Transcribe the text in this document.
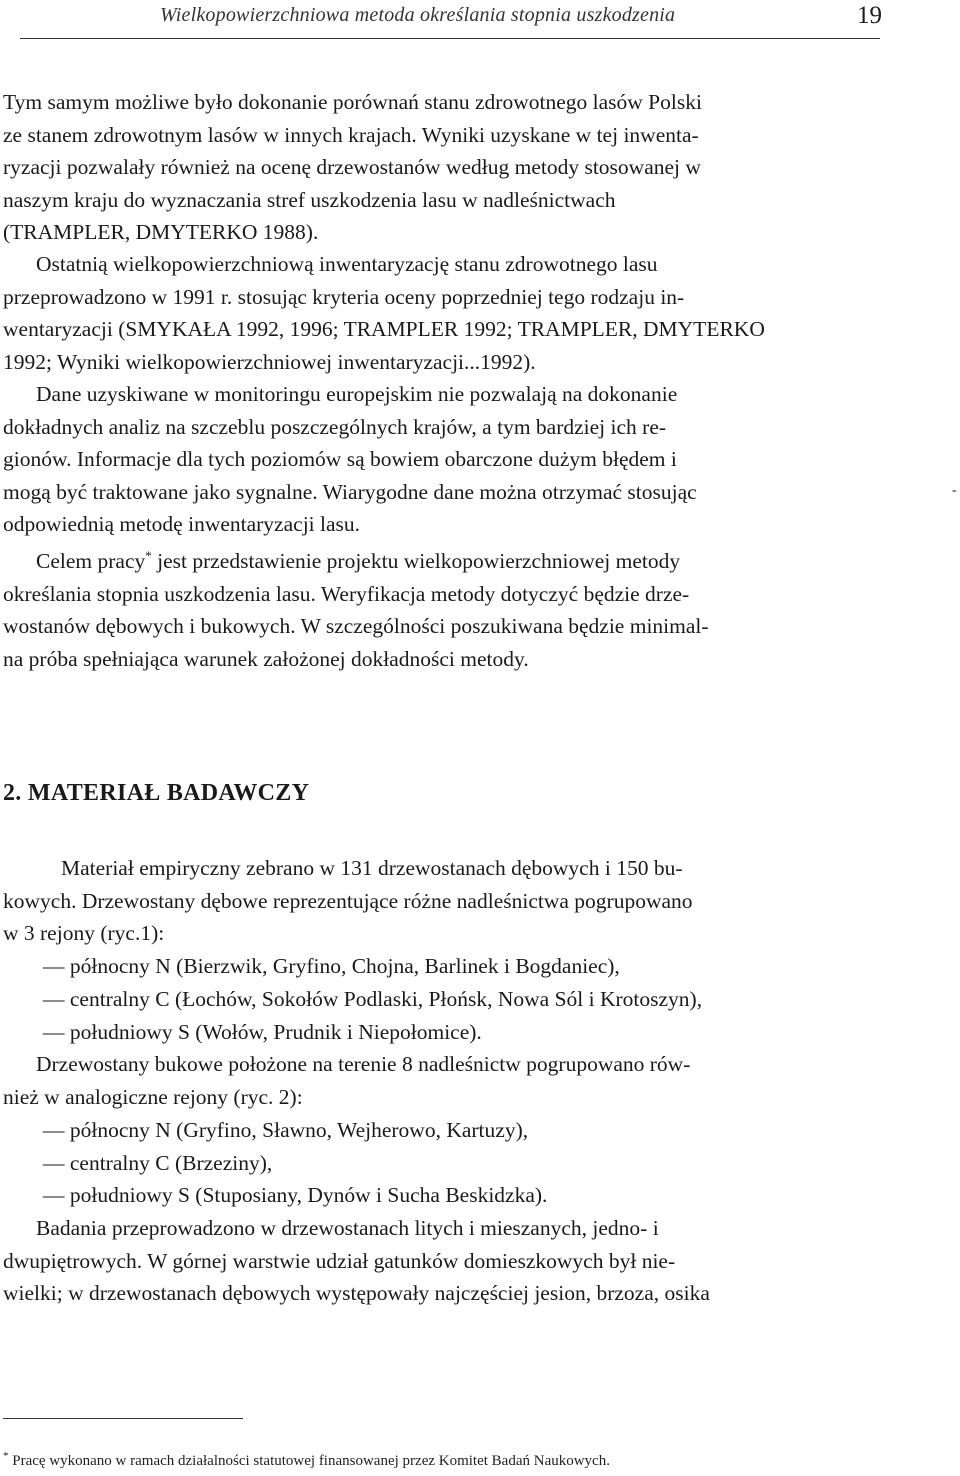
Wielkopowierzchniowa metoda określania stopnia uszkodzenia	19
Tym samym możliwe było dokonanie porównań stanu zdrowotnego lasów Polski
ze stanem zdrowotnym lasów w innych krajach. Wyniki uzyskane w tej inwenta-
ryzacji pozwalały również na ocenę drzewostanów według metody stosowanej w
naszym kraju do wyznaczania stref uszkodzenia lasu w nadleśnictwach
(TRAMPLER, DMYTERKO 1988).
Ostatnią wielkopowierzchniową inwentaryzację stanu zdrowotnego lasu
przeprowadzono w 1991 r. stosując kryteria oceny poprzedniej tego rodzaju in-
wentaryzacji (SMYKAŁA 1992, 1996; TRAMPLER 1992; TRAMPLER, DMYTERKO
1992; Wyniki wielkopowierzchniowej inwentaryzacji...1992).
Dane uzyskiwane w monitoringu europejskim nie pozwalają na dokonanie
dokładnych analiz na szczeblu poszczególnych krajów, a tym bardziej ich re-
gionów. Informacje dla tych poziomów są bowiem obarczone dużym błędem i
mogą być traktowane jako sygnalne. Wiarygodne dane można otrzymać stosując
odpowiednią metodę inwentaryzacji lasu.
-
Celem pracy* jest przedstawienie projektu wielkopowierzchniowej metody
określania stopnia uszkodzenia lasu. Weryfikacja metody dotyczyć będzie drze-
wostanów dębowych i bukowych. W szczególności poszukiwana będzie minimal-
na próba spełniająca warunek założonej dokładności metody.
2. MATERIAŁ BADAWCZY
Materiał empiryczny zebrano w 131 drzewostanach dębowych i 150 bu-
kowych. Drzewostany dębowe reprezentujące różne nadleśnictwa pogrupowano
w 3 rejony (ryc.1):
— północny N (Bierzwik, Gryfino, Chojna, Barlinek i Bogdaniec),
— centralny C (Łochów, Sokołów Podlaski, Płońsk, Nowa Sól i Krotoszyn),
— południowy S (Wołów, Prudnik i Niepołomice).
Drzewostany bukowe położone na terenie 8 nadleśnictw pogrupowano rów-
nież w analogiczne rejony (ryc. 2):
— północny N (Gryfino, Sławno, Wejherowo, Kartuzy),
— centralny C (Brzeziny),
— południowy S (Stuposiany, Dynów i Sucha Beskidzka).
Badania przeprowadzono w drzewostanach litych i mieszanych, jedno- i
dwupiętrowych. W górnej warstwie udział gatunków domieszkowych był nie-
wielki; w drzewostanach dębowych występowały najczęściej jesion, brzoza, osika
* Pracę wykonano w ramach działalności statutowej finansowanej przez Komitet Badań Naukowych.
